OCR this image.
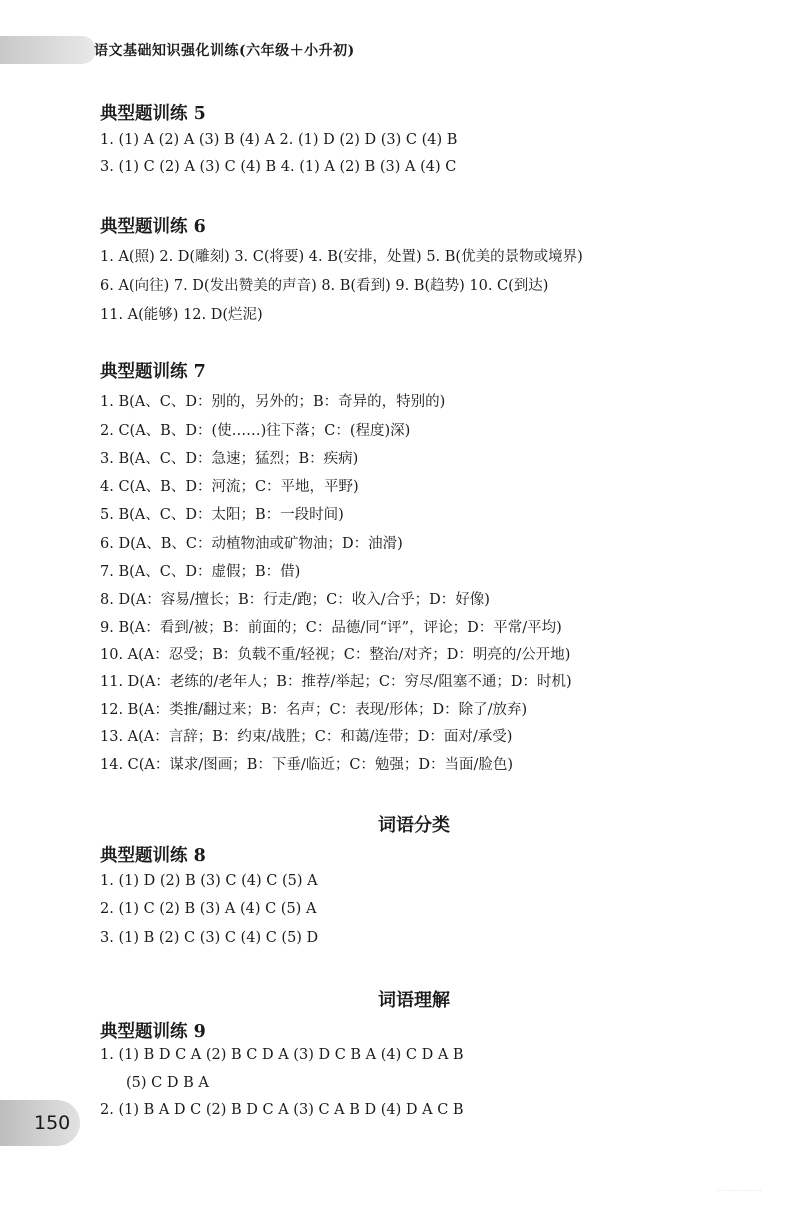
语文基础知识强化训练(六年级＋小升初)
典型题训练 5
1. (1) A (2) A (3) B (4) A 2. (1) D (2) D (3) C (4) B
3. (1) C (2) A (3) C (4) B 4. (1) A (2) B (3) A (4) C
典型题训练 6
1. A(照) 2. D(雕刻) 3. C(将要) 4. B(安排，处置) 5. B(优美的景物或境界)
6. A(向往) 7. D(发出赞美的声音) 8. B(看到) 9. B(趋势) 10. C(到达)
11. A(能够) 12. D(烂泥)
典型题训练 7
1. B(A、C、D：别的，另外的；B：奇异的，特别的)
2. C(A、B、D：(使……)往下落；C：(程度)深)
3. B(A、C、D：急速；猛烈；B：疾病)
4. C(A、B、D：河流；C：平地，平野)
5. B(A、C、D：太阳；B：一段时间)
6. D(A、B、C：动植物油或矿物油；D：油滑)
7. B(A、C、D：虚假；B：借)
8. D(A：容易/擅长；B：行走/跑；C：收入/合乎；D：好像)
9. B(A：看到/被；B：前面的；C：品德/同“评”，评论；D：平常/平均)
10. A(A：忍受；B：负载不重/轻视；C：整治/对齐；D：明亮的/公开地)
11. D(A：老练的/老年人；B：推荐/举起；C：穷尽/阻塞不通；D：时机)
12. B(A：类推/翻过来；B：名声；C：表现/形体；D：除了/放弃)
13. A(A：言辞；B：约束/战胜；C：和蔼/连带；D：面对/承受)
14. C(A：谋求/图画；B：下垂/临近；C：勉强；D：当面/脸色)
词语分类
典型题训练 8
1. (1) D (2) B (3) C (4) C (5) A
2. (1) C (2) B (3) A (4) C (5) A
3. (1) B (2) C (3) C (4) C (5) D
词语理解
典型题训练 9
1. (1) B D C A (2) B C D A (3) D C B A (4) C D A B
(5) C D B A
2. (1) B A D C (2) B D C A (3) C A B D (4) D A C B
150
· · · · · · · · · · · · · ·
